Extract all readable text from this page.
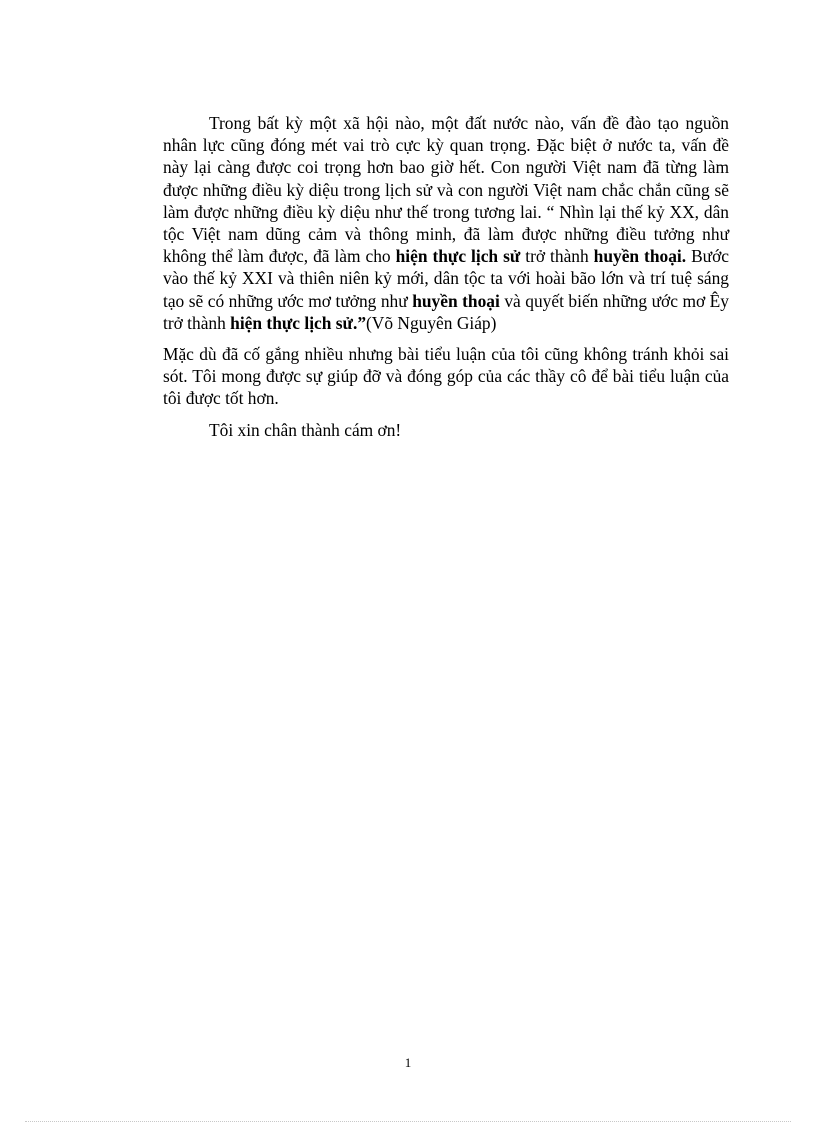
Trong bất kỳ một xã hội nào, một đất nước nào, vấn đề đào tạo nguồn nhân lực cũng đóng mét vai trò cực kỳ quan trọng. Đặc biệt ở nước ta, vấn đề này lại càng được coi trọng hơn bao giờ hết. Con người Việt nam đã từng làm được những điều kỳ diệu trong lịch sử và con người Việt nam chắc chắn cũng sẽ làm được những điều kỳ diệu như thế trong tương lai. “ Nhìn lại thế kỷ XX, dân tộc Việt nam dũng cảm và thông minh, đã làm được những điều tưởng như không thể làm được, đã làm cho hiện thực lịch sử trở thành huyền thoại. Bước vào thế kỷ XXI và thiên niên kỷ mới, dân tộc ta với hoài bão lớn và trí tuệ sáng tạo sẽ có những ước mơ tưởng như huyền thoại và quyết biến những ước mơ Êy trở thành hiện thực lịch sử.”(Võ Nguyên Giáp)

Mặc dù đã cố gắng nhiều nhưng bài tiểu luận của tôi cũng không tránh khỏi sai sót. Tôi mong được sự giúp đỡ và đóng góp của các thầy cô để bài tiểu luận của tôi được tốt hơn.

Tôi xin chân thành cám ơn!

1
